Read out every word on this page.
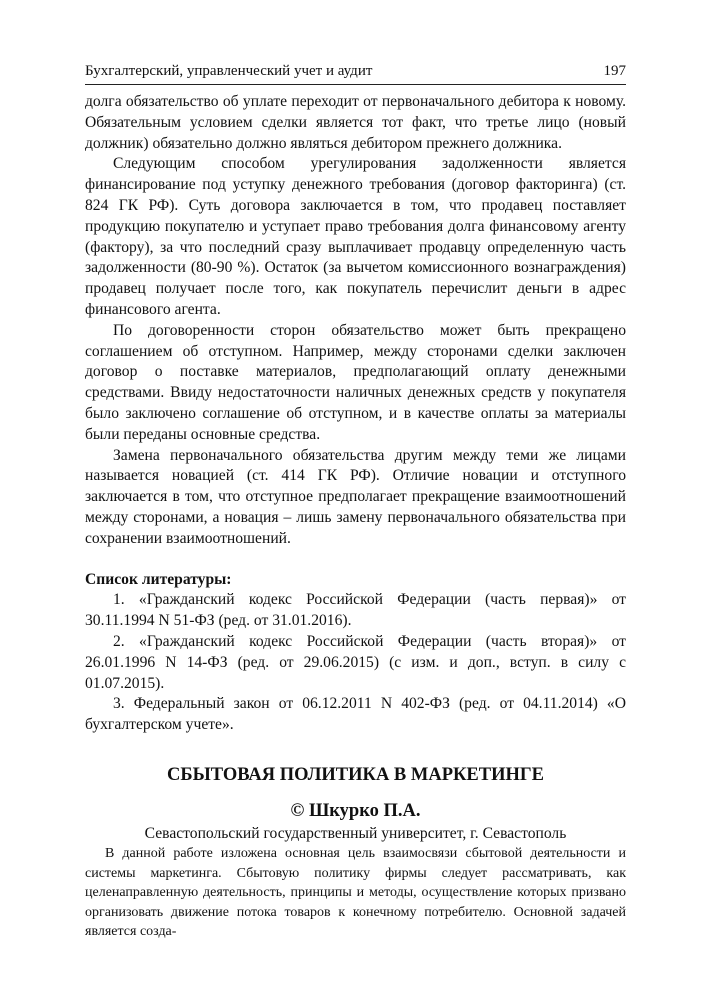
Бухгалтерский, управленческий учет и аудит	197

долга обязательство об уплате переходит от первоначального дебитора к новому. Обязательным условием сделки является тот факт, что третье лицо (новый должник) обязательно должно являться дебитором прежнего должника.

Следующим способом урегулирования задолженности является финансирование под уступку денежного требования (договор факторинга) (ст. 824 ГК РФ). Суть договора заключается в том, что продавец поставляет продукцию покупателю и уступает право требования долга финансовому агенту (фактору), за что последний сразу выплачивает продавцу определенную часть задолженности (80-90 %). Остаток (за вычетом комиссионного вознаграждения) продавец получает после того, как покупатель перечислит деньги в адрес финансового агента.

По договоренности сторон обязательство может быть прекращено соглашением об отступном. Например, между сторонами сделки заключен договор о поставке материалов, предполагающий оплату денежными средствами. Ввиду недостаточности наличных денежных средств у покупателя было заключено соглашение об отступном, и в качестве оплаты за материалы были переданы основные средства.

Замена первоначального обязательства другим между теми же лицами называется новацией (ст. 414 ГК РФ). Отличие новации и отступного заключается в том, что отступное предполагает прекращение взаимоотношений между сторонами, а новация – лишь замену первоначального обязательства при сохранении взаимоотношений.

Список литературы:

1. «Гражданский кодекс Российской Федерации (часть первая)» от 30.11.1994 N 51-ФЗ (ред. от 31.01.2016).

2. «Гражданский кодекс Российской Федерации (часть вторая)» от 26.01.1996 N 14-ФЗ (ред. от 29.06.2015) (с изм. и доп., вступ. в силу с 01.07.2015).

3. Федеральный закон от 06.12.2011 N 402-ФЗ (ред. от 04.11.2014) «О бухгалтерском учете».

СБЫТОВАЯ ПОЛИТИКА В МАРКЕТИНГЕ
© Шкурко П.А.
Севастопольский государственный университет, г. Севастополь

В данной работе изложена основная цель взаимосвязи сбытовой деятельности и системы маркетинга. Сбытовую политику фирмы следует рассматривать, как целенаправленную деятельность, принципы и методы, осуществление которых призвано организовать движение потока товаров к конечному потребителю. Основной задачей является созда-
